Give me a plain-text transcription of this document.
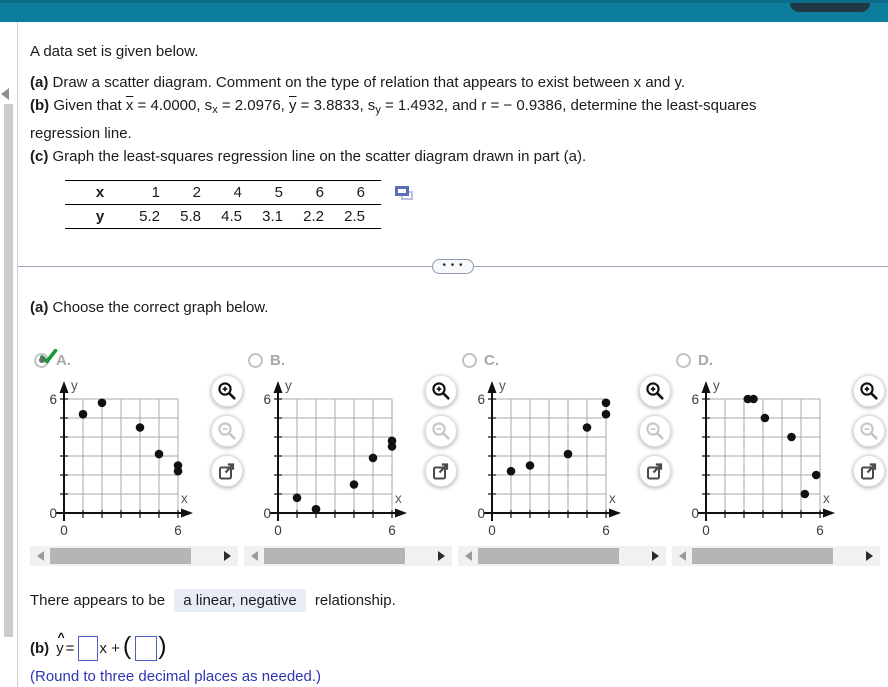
A data set is given below.

(a) Draw a scatter diagram. Comment on the type of relation that appears to exist between x and y.

(b) Given that $\overline{x} = 4.0000$, $s_x = 2.0976$, $\overline{y} = 3.8833$, $s_y = 1.4932$, and r = − 0.9386, determine the least-squares

regression line.

(c) Graph the least-squares regression line on the scatter diagram drawn in part (a).

x	1	2	4	5	6	6
y	5.2	5.8	4.5	3.1	2.2	2.5
• • •

(a) Choose the correct graph below.

A.
6
0
0	6
y
x
B.
6
0
0	6
y
x
C.
6
0
0	6
y
x
D.
6
0
0	6
y
x

There appears to be a linear, negative relationship.

(b)
^
y = x + ( )

(Round to three decimal places as needed.)
